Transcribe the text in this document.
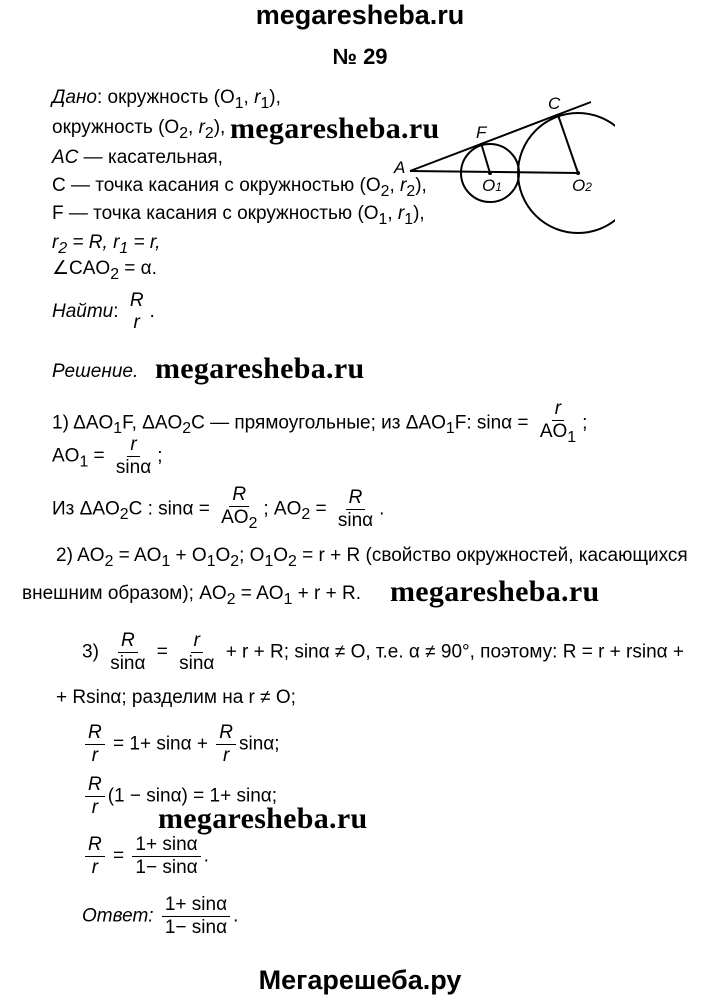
megaresheba.ru
№ 29
megaresheba.ru
megaresheba.ru
megaresheba.ru
megaresheba.ru
Дано: окружность ($O_1$, $r_1$),
окружность ($O_2$, $r_2$),
AC — касательная,
C — точка касания с окружностью ($O_2$, $r_2$),
F — точка касания с окружностью ($O_1$, $r_1$),
$r_2 = R$, $r_1 = r$,
$\angle CAO_2 = \alpha$.
Найти:
R
r
.
Решение.
1) $\Delta AO_1F$, $\Delta AO_2C$ — прямоугольные; из $\Delta AO_1F$: $\sin\alpha = \frac{r}{AO_1}$ ;
$AO_1 = \frac{r}{\sin\alpha}$ ;
Из $\Delta AO_2C$ : $\sin\alpha = \frac{R}{AO_2}$ ; $AO_2 = \frac{R}{\sin\alpha}$ .
2) $AO_2 = AO_1 + O_1O_2$; $O_1O_2 = r + R$ (свойство окружностей, касающихся
внешним образом); $AO_2 = AO_1 + r + R$.
$3) \frac{R}{\sin\alpha} = \frac{r}{\sin\alpha} + r + R$; sinα ≠ O, т.е. α ≠ 90°, поэтому: R = r + rsinα +
+ Rsinα; разделим на r ≠ O;
$\frac{R}{r} = 1+ \sin\alpha + \frac{R}{r} \sin\alpha$;
$\frac{R}{r} (1 - \sin\alpha) = 1+ \sin\alpha$;
$\frac{R}{r} = \frac{1+ \sin\alpha}{1- \sin\alpha}$ .
Ответ: $\frac{1+ \sin\alpha}{1- \sin\alpha}$ .
Мегарешеба.ру
A
F
C
O1	O2
